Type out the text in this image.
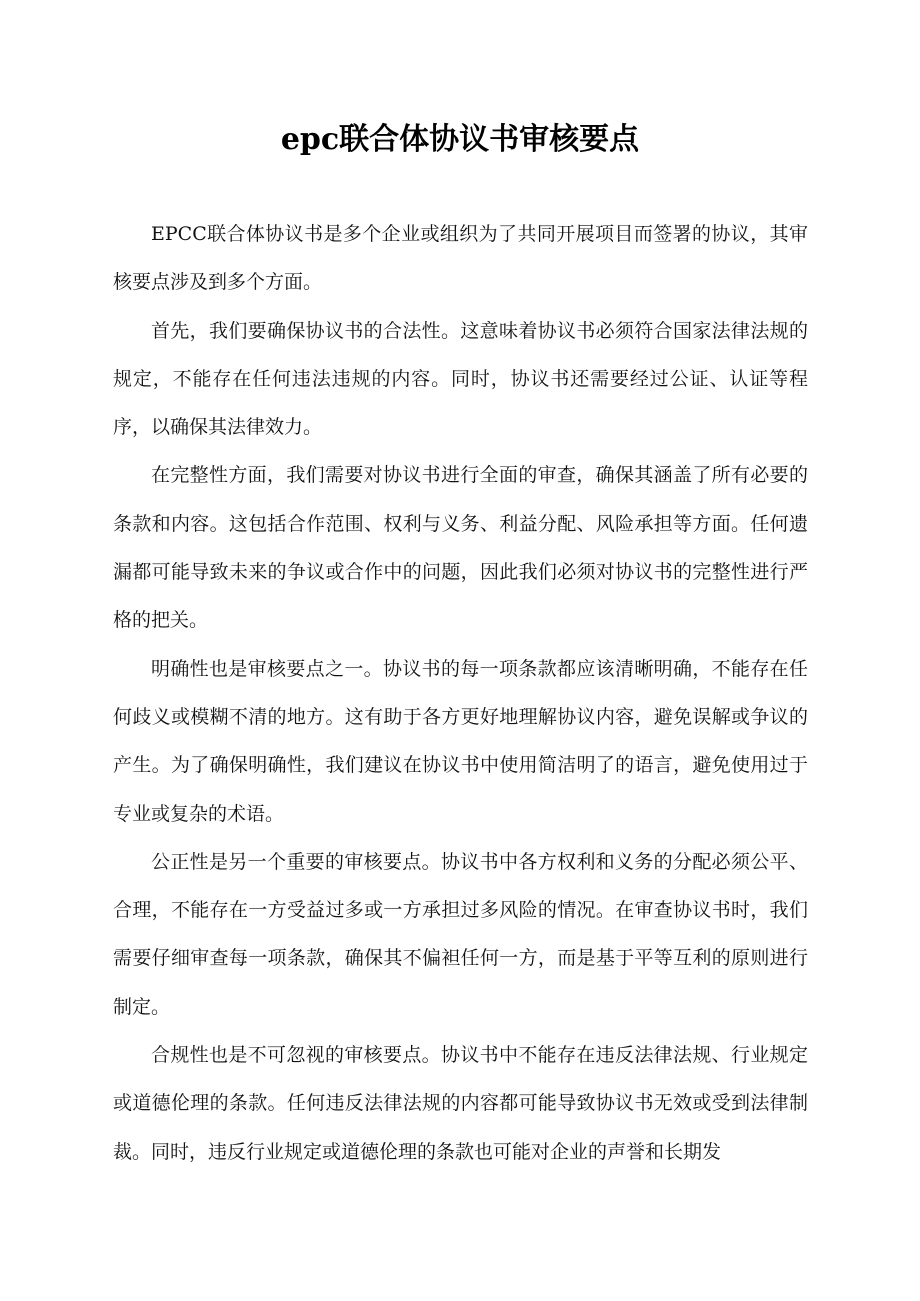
epc联合体协议书审核要点

EPCC联合体协议书是多个企业或组织为了共同开展项目而签署的协议，其审核要点涉及到多个方面。

首先，我们要确保协议书的合法性。这意味着协议书必须符合国家法律法规的规定，不能存在任何违法违规的内容。同时，协议书还需要经过公证、认证等程序，以确保其法律效力。

在完整性方面，我们需要对协议书进行全面的审查，确保其涵盖了所有必要的条款和内容。这包括合作范围、权利与义务、利益分配、风险承担等方面。任何遗漏都可能导致未来的争议或合作中的问题，因此我们必须对协议书的完整性进行严格的把关。

明确性也是审核要点之一。协议书的每一项条款都应该清晰明确，不能存在任何歧义或模糊不清的地方。这有助于各方更好地理解协议内容，避免误解或争议的产生。为了确保明确性，我们建议在协议书中使用简洁明了的语言，避免使用过于专业或复杂的术语。

公正性是另一个重要的审核要点。协议书中各方权利和义务的分配必须公平、合理，不能存在一方受益过多或一方承担过多风险的情况。在审查协议书时，我们需要仔细审查每一项条款，确保其不偏袒任何一方，而是基于平等互利的原则进行制定。

合规性也是不可忽视的审核要点。协议书中不能存在违反法律法规、行业规定或道德伦理的条款。任何违反法律法规的内容都可能导致协议书无效或受到法律制裁。同时，违反行业规定或道德伦理的条款也可能对企业的声誉和长期发
